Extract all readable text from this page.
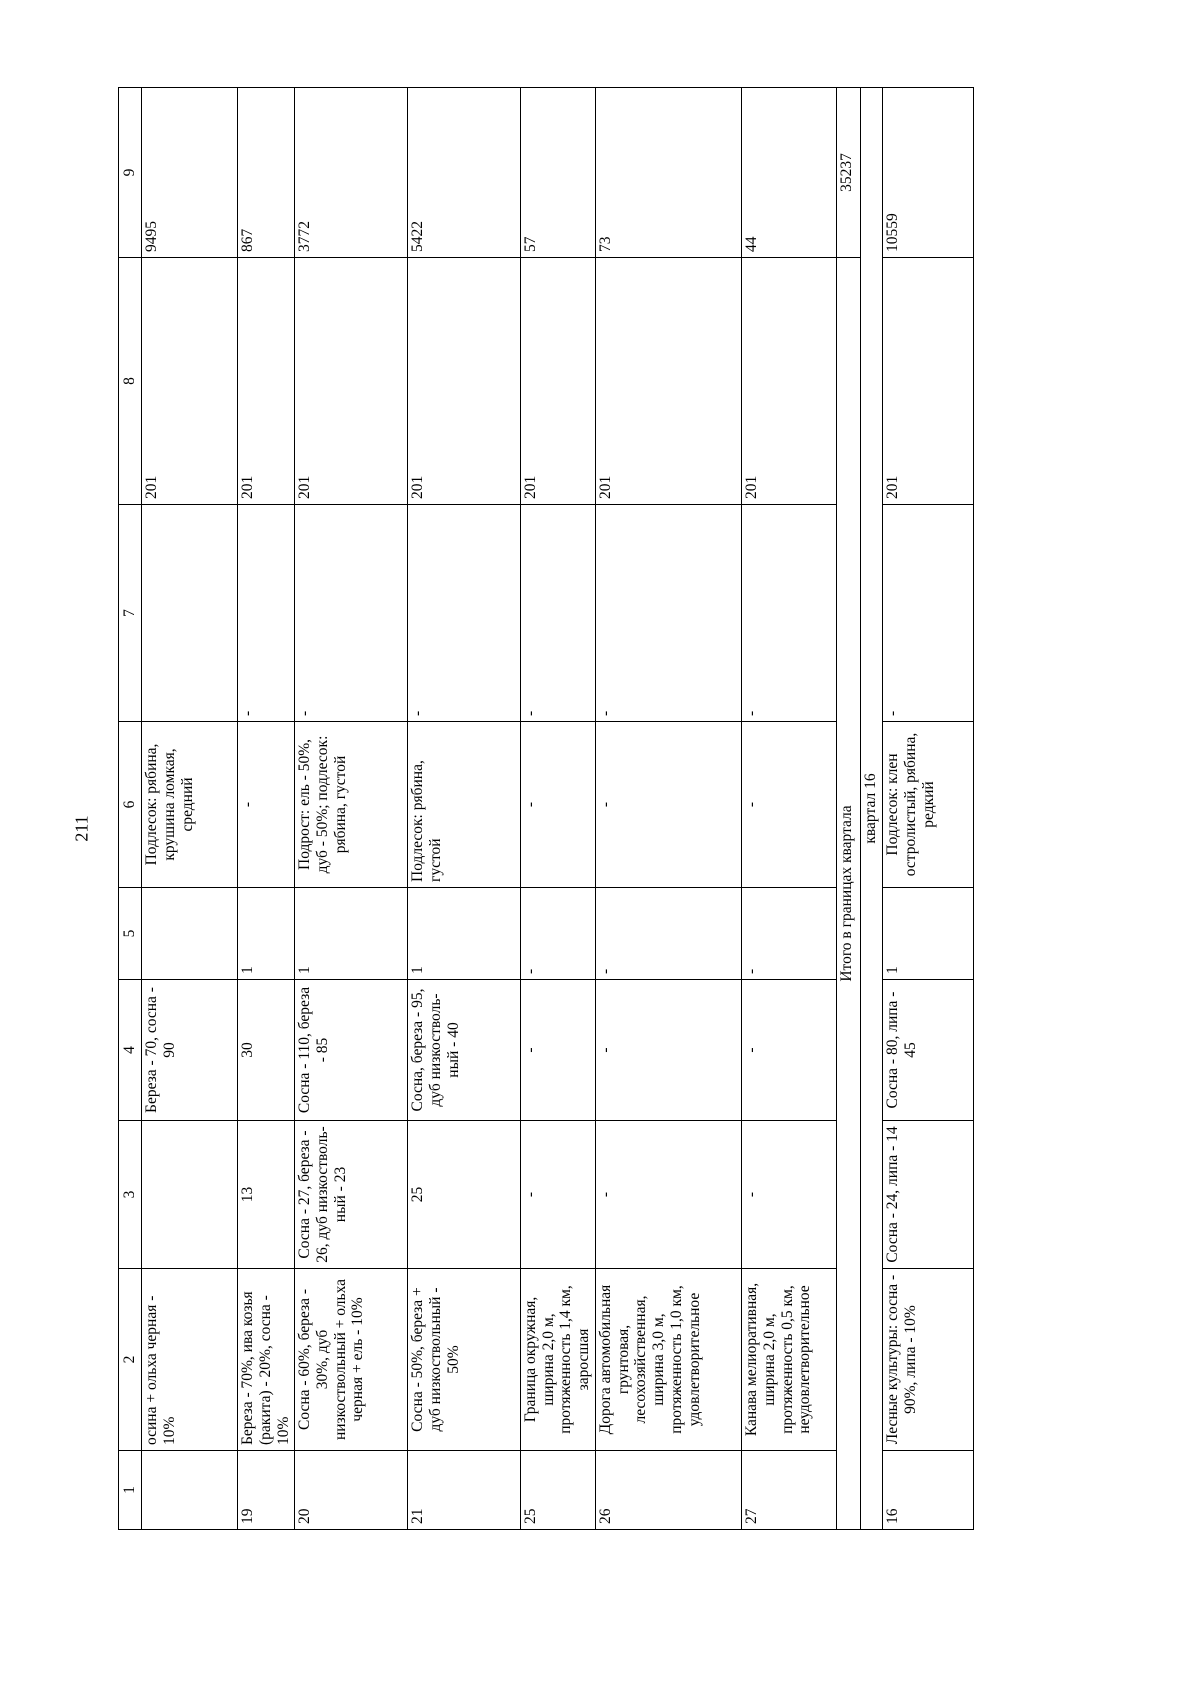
211
1	2	3	4	5	6	7	8	9
	осина + ольха черная - 10%		Береза - 70, сосна - 90		Подлесок: рябина, крушина ломкая, средний		201	9495
19	Береза - 70%, ива козья (ракита) - 20%, сосна - 10%	13	30	1	-	-	201	867
20	Сосна - 60%, береза - 30%, дуб низкоствольный + ольха черная + ель - 10%	Сосна - 27, береза - 26, дуб низкостволь-ный - 23	Сосна - 110, береза - 85	1	Подрост: ель - 50%, дуб - 50%; подлесок: рябина, густой	-	201	3772
21	Сосна - 50%, береза + дуб низкоствольный - 50%	25	Сосна, береза - 95, дуб низкостволь-ный - 40	1	Подлесок: рябина, густой	-	201	5422
25	Граница окружная, ширина 2,0 м, протяженность 1,4 км, заросшая	-	-	-	-	-	201	57
26	Дорога автомобильная грунтовая, лесохозяйственная, ширина 3,0 м, протяженность 1,0 км, удовлетворительное	-	-	-	-	-	201	73
27	Канава мелиоративная, ширина 2,0 м, протяженность 0,5 км, неудовлетворительное	-	-	-	-	-	201	44
Итого в границах квартала								35237
квартал 16								
16	Лесные культуры: сосна - 90%, липа - 10%	Сосна - 24, липа - 14	Сосна - 80, липа - 45	1	Подлесок: клен остролистый, рябина, редкий	-	201	10559
